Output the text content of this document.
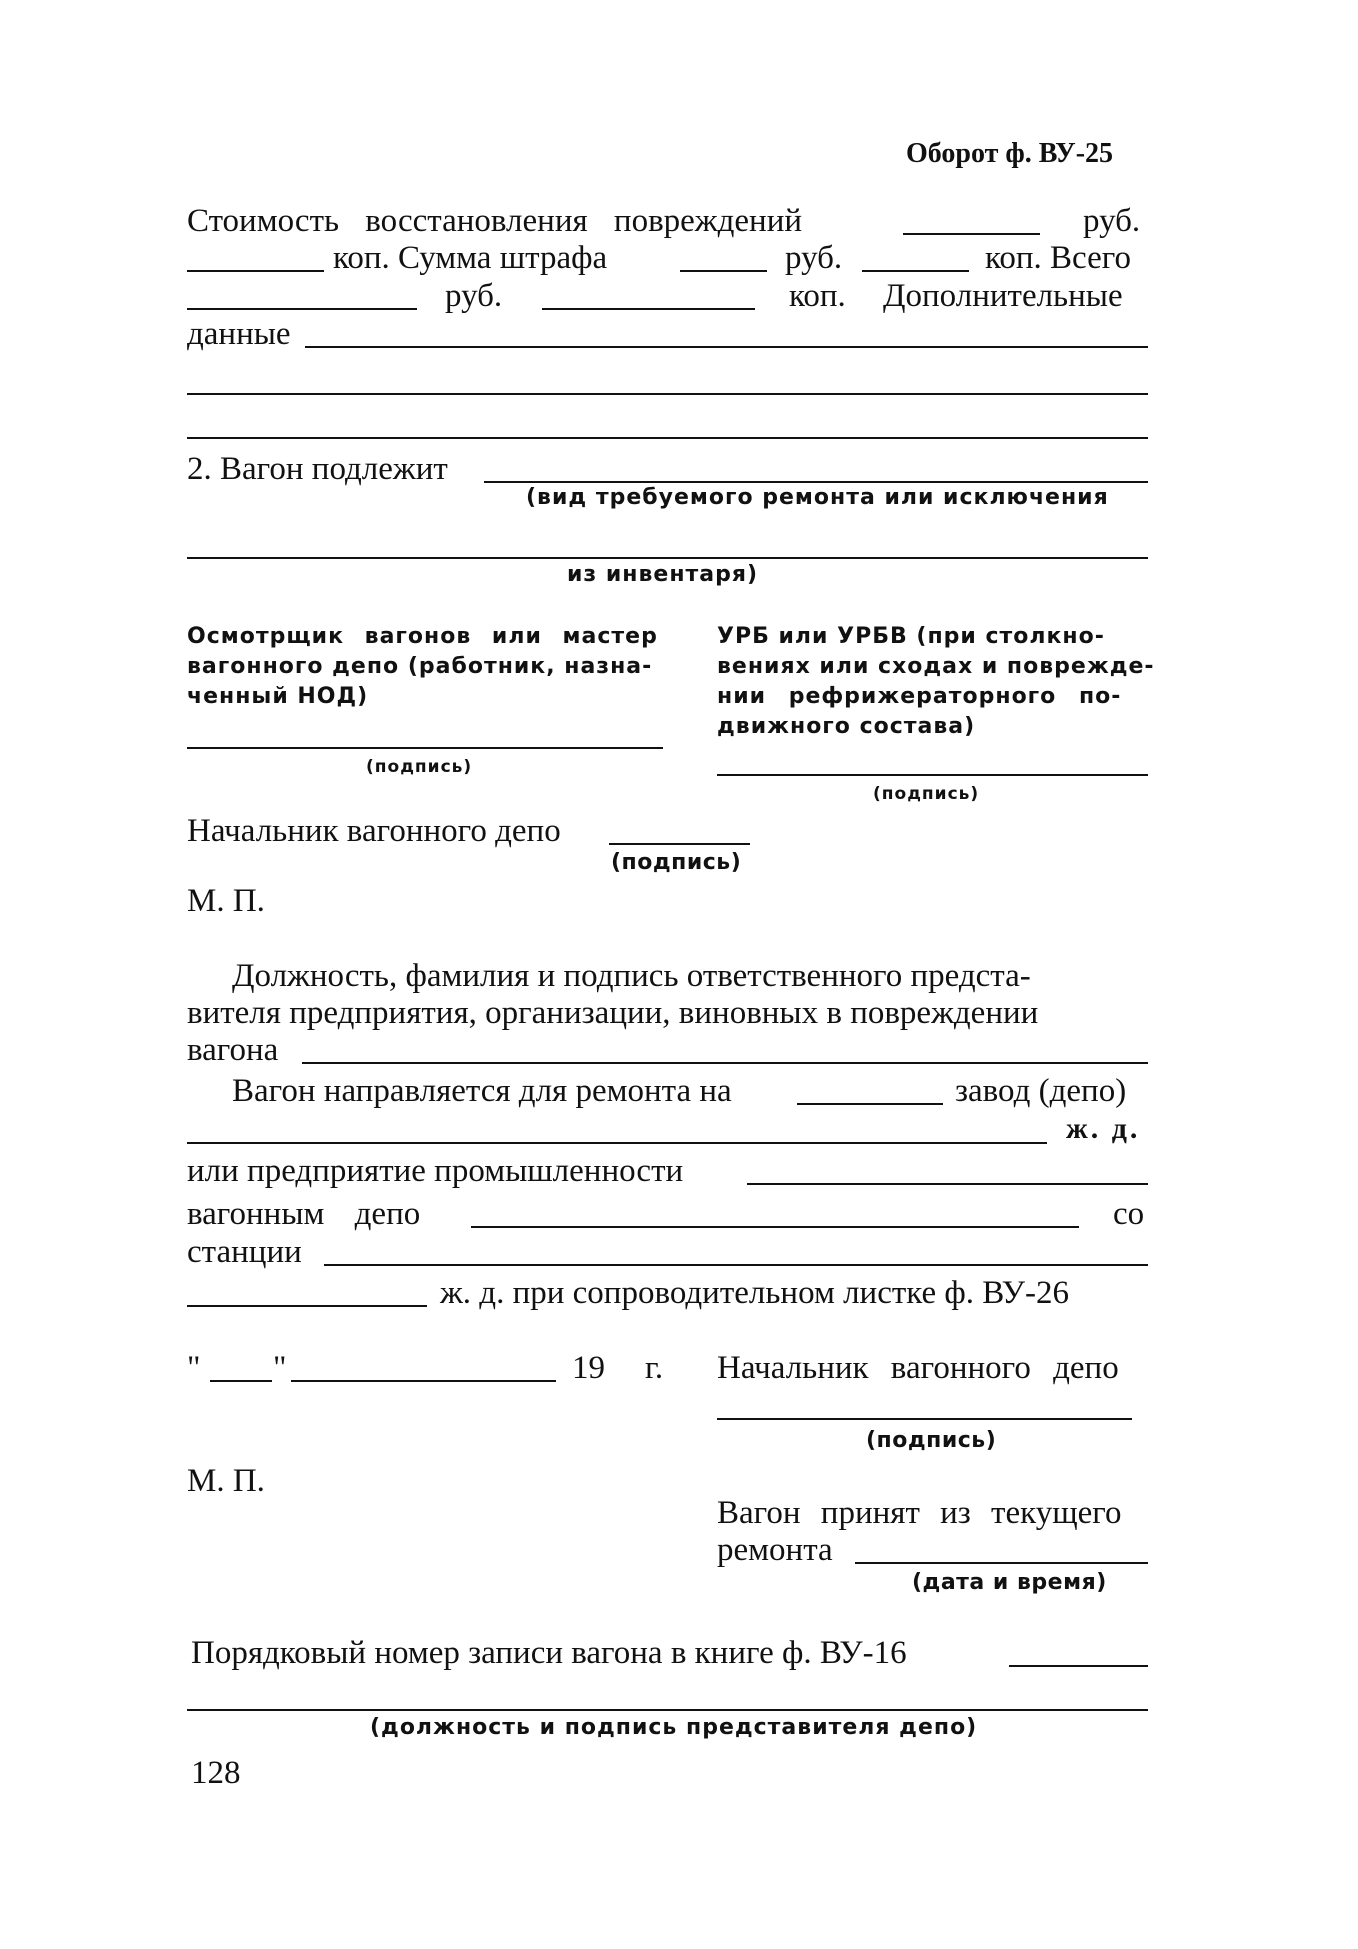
Оборот ф. ВУ-25
Стоимость восстановления повреждений	руб.
коп. Сумма штрафа	руб.	коп. Всего
руб.	коп. Дополнительные
данные
2. Вагон подлежит
(вид требуемого ремонта или исключения
из инвентаря)
Осмотрщик вагонов или мастер
вагонного депо (работник, назна-
ченный НОД)
(подпись)
УРБ или УРБВ (при столкно-
вениях или сходах и поврежде-
нии рефрижераторного по-
движного состава)
(подпись)
Начальник вагонного депо
(подпись)
М. П.
Должность, фамилия и подпись ответственного предста-
вителя предприятия, организации, виновных в повреждении
вагона
Вагон направляется для ремонта на	завод (депо)
ж. д.
или предприятие промышленности
вагонным депо	со
станции
ж. д. при сопроводительном листке ф. ВУ-26
" "	19 г. Начальник вагонного депо
(подпись)
М. П.
Вагон принят из текущего
ремонта
(дата и время)
Порядковый номер записи вагона в книге ф. ВУ-16
(должность и подпись представителя депо)
128
